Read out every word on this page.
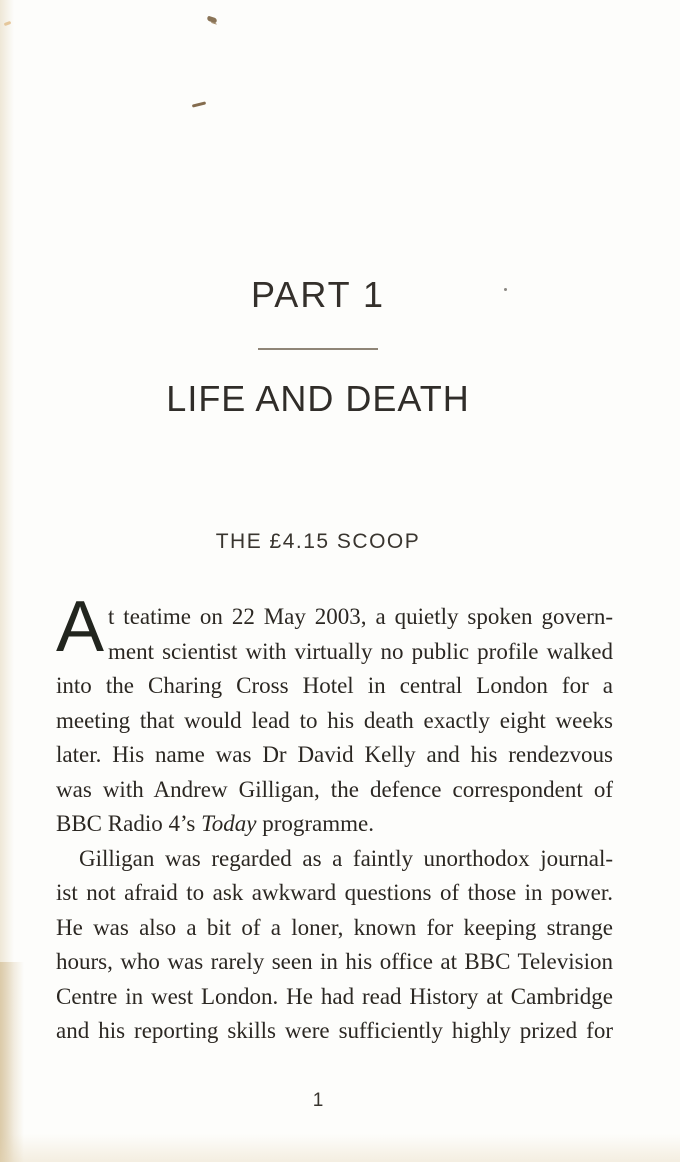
PART 1
LIFE AND DEATH
THE £4.15 SCOOP
A t teatime on 22 May 2003, a quietly spoken govern-
ment scientist with virtually no public profile walked
into the Charing Cross Hotel in central London for a
meeting that would lead to his death exactly eight weeks
later. His name was Dr David Kelly and his rendezvous
was with Andrew Gilligan, the defence correspondent of
BBC Radio 4’s Today programme.
Gilligan was regarded as a faintly unorthodox journal-
ist not afraid to ask awkward questions of those in power.
He was also a bit of a loner, known for keeping strange
hours, who was rarely seen in his office at BBC Television
Centre in west London. He had read History at Cambridge
and his reporting skills were sufficiently highly prized for
1
